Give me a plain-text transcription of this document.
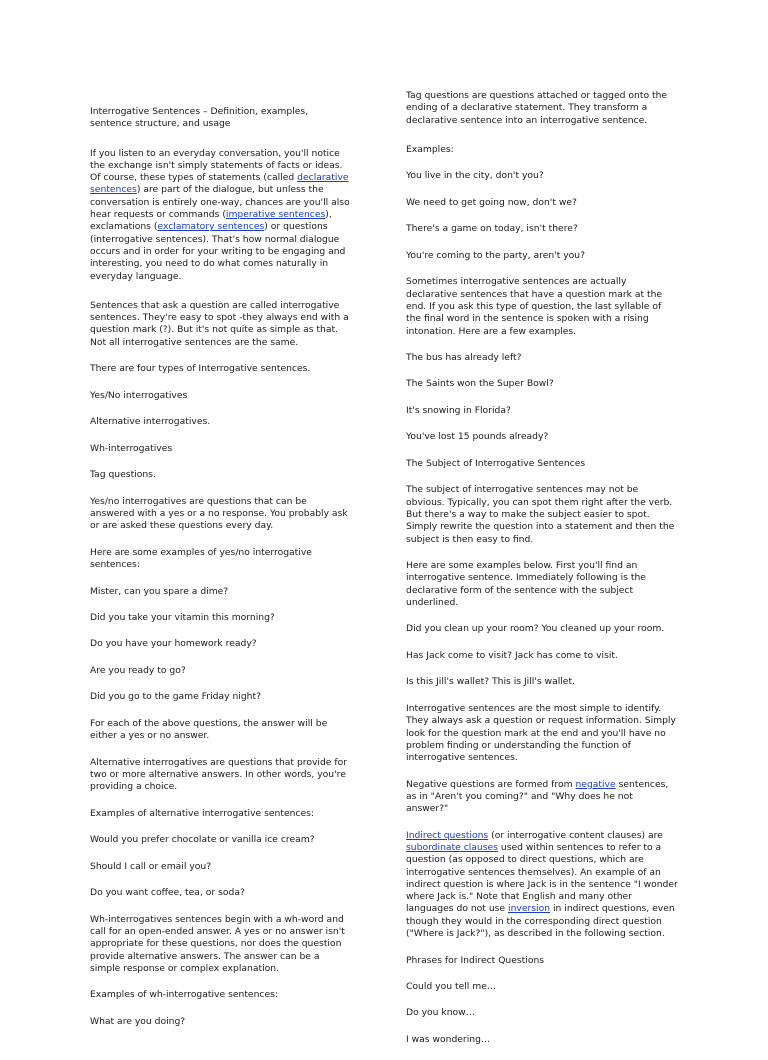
Interrogative Sentences – Definition, examples, sentence structure, and usage

If you listen to an everyday conversation, you'll notice the exchange isn't simply statements of facts or ideas. Of course, these types of statements (called declarative sentences) are part of the dialogue, but unless the conversation is entirely one-way, chances are you'll also hear requests or commands (imperative sentences), exclamations (exclamatory sentences) or questions (interrogative sentences). That's how normal dialogue occurs and in order for your writing to be engaging and interesting, you need to do what comes naturally in everyday language.

Sentences that ask a question are called interrogative sentences. They're easy to spot -they always end with a question mark (?). But it's not quite as simple as that. Not all interrogative sentences are the same.

There are four types of Interrogative sentences.

Yes/No interrogatives

Alternative interrogatives.

Wh-interrogatives

Tag questions.

Yes/no interrogatives are questions that can be answered with a yes or a no response. You probably ask or are asked these questions every day.

Here are some examples of yes/no interrogative sentences:

Mister, can you spare a dime?

Did you take your vitamin this morning?

Do you have your homework ready?

Are you ready to go?

Did you go to the game Friday night?

For each of the above questions, the answer will be either a yes or no answer.

Alternative interrogatives are questions that provide for two or more alternative answers. In other words, you're providing a choice.

Examples of alternative interrogative sentences:

Would you prefer chocolate or vanilla ice cream?

Should I call or email you?

Do you want coffee, tea, or soda?

Wh-interrogatives sentences begin with a wh-word and call for an open-ended answer. A yes or no answer isn't appropriate for these questions, nor does the question provide alternative answers. The answer can be a simple response or complex explanation.

Examples of wh-interrogative sentences:

What are you doing?

Tag questions are questions attached or tagged onto the ending of a declarative statement. They transform a declarative sentence into an interrogative sentence.

Examples:

You live in the city, don't you?

We need to get going now, don't we?

There's a game on today, isn't there?

You're coming to the party, aren't you?

Sometimes interrogative sentences are actually declarative sentences that have a question mark at the end. If you ask this type of question, the last syllable of the final word in the sentence is spoken with a rising intonation. Here are a few examples.

The bus has already left?

The Saints won the Super Bowl?

It's snowing in Florida?

You've lost 15 pounds already?

The Subject of Interrogative Sentences

The subject of interrogative sentences may not be obvious. Typically, you can spot them right after the verb. But there's a way to make the subject easier to spot. Simply rewrite the question into a statement and then the subject is then easy to find.

Here are some examples below. First you'll find an interrogative sentence. Immediately following is the declarative form of the sentence with the subject underlined.

Did you clean up your room? You cleaned up your room.

Has Jack come to visit? Jack has come to visit.

Is this Jill's wallet? This is Jill's wallet.

Interrogative sentences are the most simple to identify. They always ask a question or request information. Simply look for the question mark at the end and you'll have no problem finding or understanding the function of interrogative sentences.

Negative questions are formed from negative sentences, as in "Aren't you coming?" and "Why does he not answer?"

Indirect questions (or interrogative content clauses) are subordinate clauses used within sentences to refer to a question (as opposed to direct questions, which are interrogative sentences themselves). An example of an indirect question is where Jack is in the sentence "I wonder where Jack is." Note that English and many other languages do not use inversion in indirect questions, even though they would in the corresponding direct question ("Where is Jack?"), as described in the following section.

Phrases for Indirect Questions

Could you tell me…

Do you know…

I was wondering…
